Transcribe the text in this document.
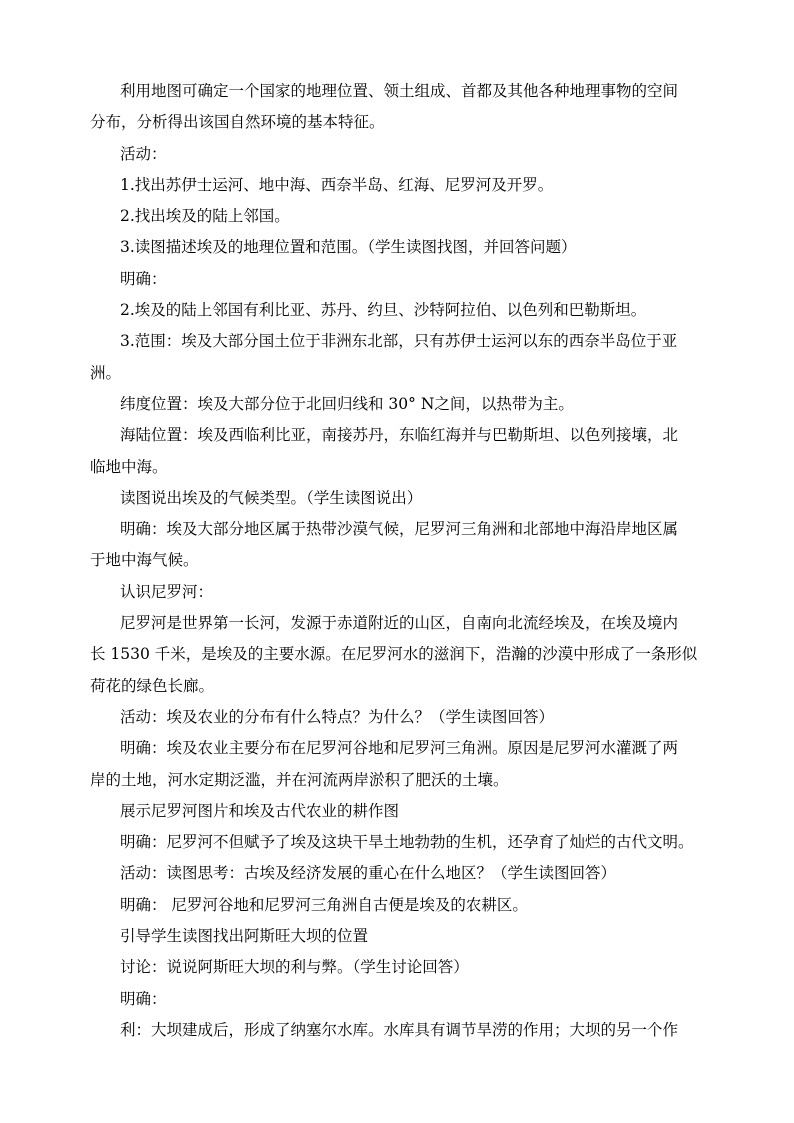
利用地图可确定一个国家的地理位置、领土组成、首都及其他各种地理事物的空间
分布，分析得出该国自然环境的基本特征。
活动：
1.找出苏伊士运河、地中海、西奈半岛、红海、尼罗河及开罗。
2.找出埃及的陆上邻国。
3.读图描述埃及的地理位置和范围。（学生读图找图，并回答问题）
明确：
2.埃及的陆上邻国有利比亚、苏丹、约旦、沙特阿拉伯、以色列和巴勒斯坦。
3.范围：埃及大部分国土位于非洲东北部，只有苏伊士运河以东的西奈半岛位于亚
洲。
纬度位置：埃及大部分位于北回归线和 30° N之间，以热带为主。
海陆位置：埃及西临利比亚，南接苏丹，东临红海并与巴勒斯坦、以色列接壤，北
临地中海。
读图说出埃及的气候类型。（学生读图说出）
明确：埃及大部分地区属于热带沙漠气候，尼罗河三角洲和北部地中海沿岸地区属
于地中海气候。
认识尼罗河：
尼罗河是世界第一长河，发源于赤道附近的山区，自南向北流经埃及，在埃及境内
长 1530 千米，是埃及的主要水源。在尼罗河水的滋润下，浩瀚的沙漠中形成了一条形似
荷花的绿色长廊。
活动：埃及农业的分布有什么特点？为什么？（学生读图回答）
明确：埃及农业主要分布在尼罗河谷地和尼罗河三角洲。原因是尼罗河水灌溉了两
岸的土地，河水定期泛滥，并在河流两岸淤积了肥沃的土壤。
展示尼罗河图片和埃及古代农业的耕作图
明确：尼罗河不但赋予了埃及这块干旱土地勃勃的生机，还孕育了灿烂的古代文明。
活动：读图思考：古埃及经济发展的重心在什么地区？（学生读图回答）
明确： 尼罗河谷地和尼罗河三角洲自古便是埃及的农耕区。
引导学生读图找出阿斯旺大坝的位置
讨论：说说阿斯旺大坝的利与弊。（学生讨论回答）
明确：
利：大坝建成后，形成了纳塞尔水库。水库具有调节旱涝的作用；大坝的另一个作
